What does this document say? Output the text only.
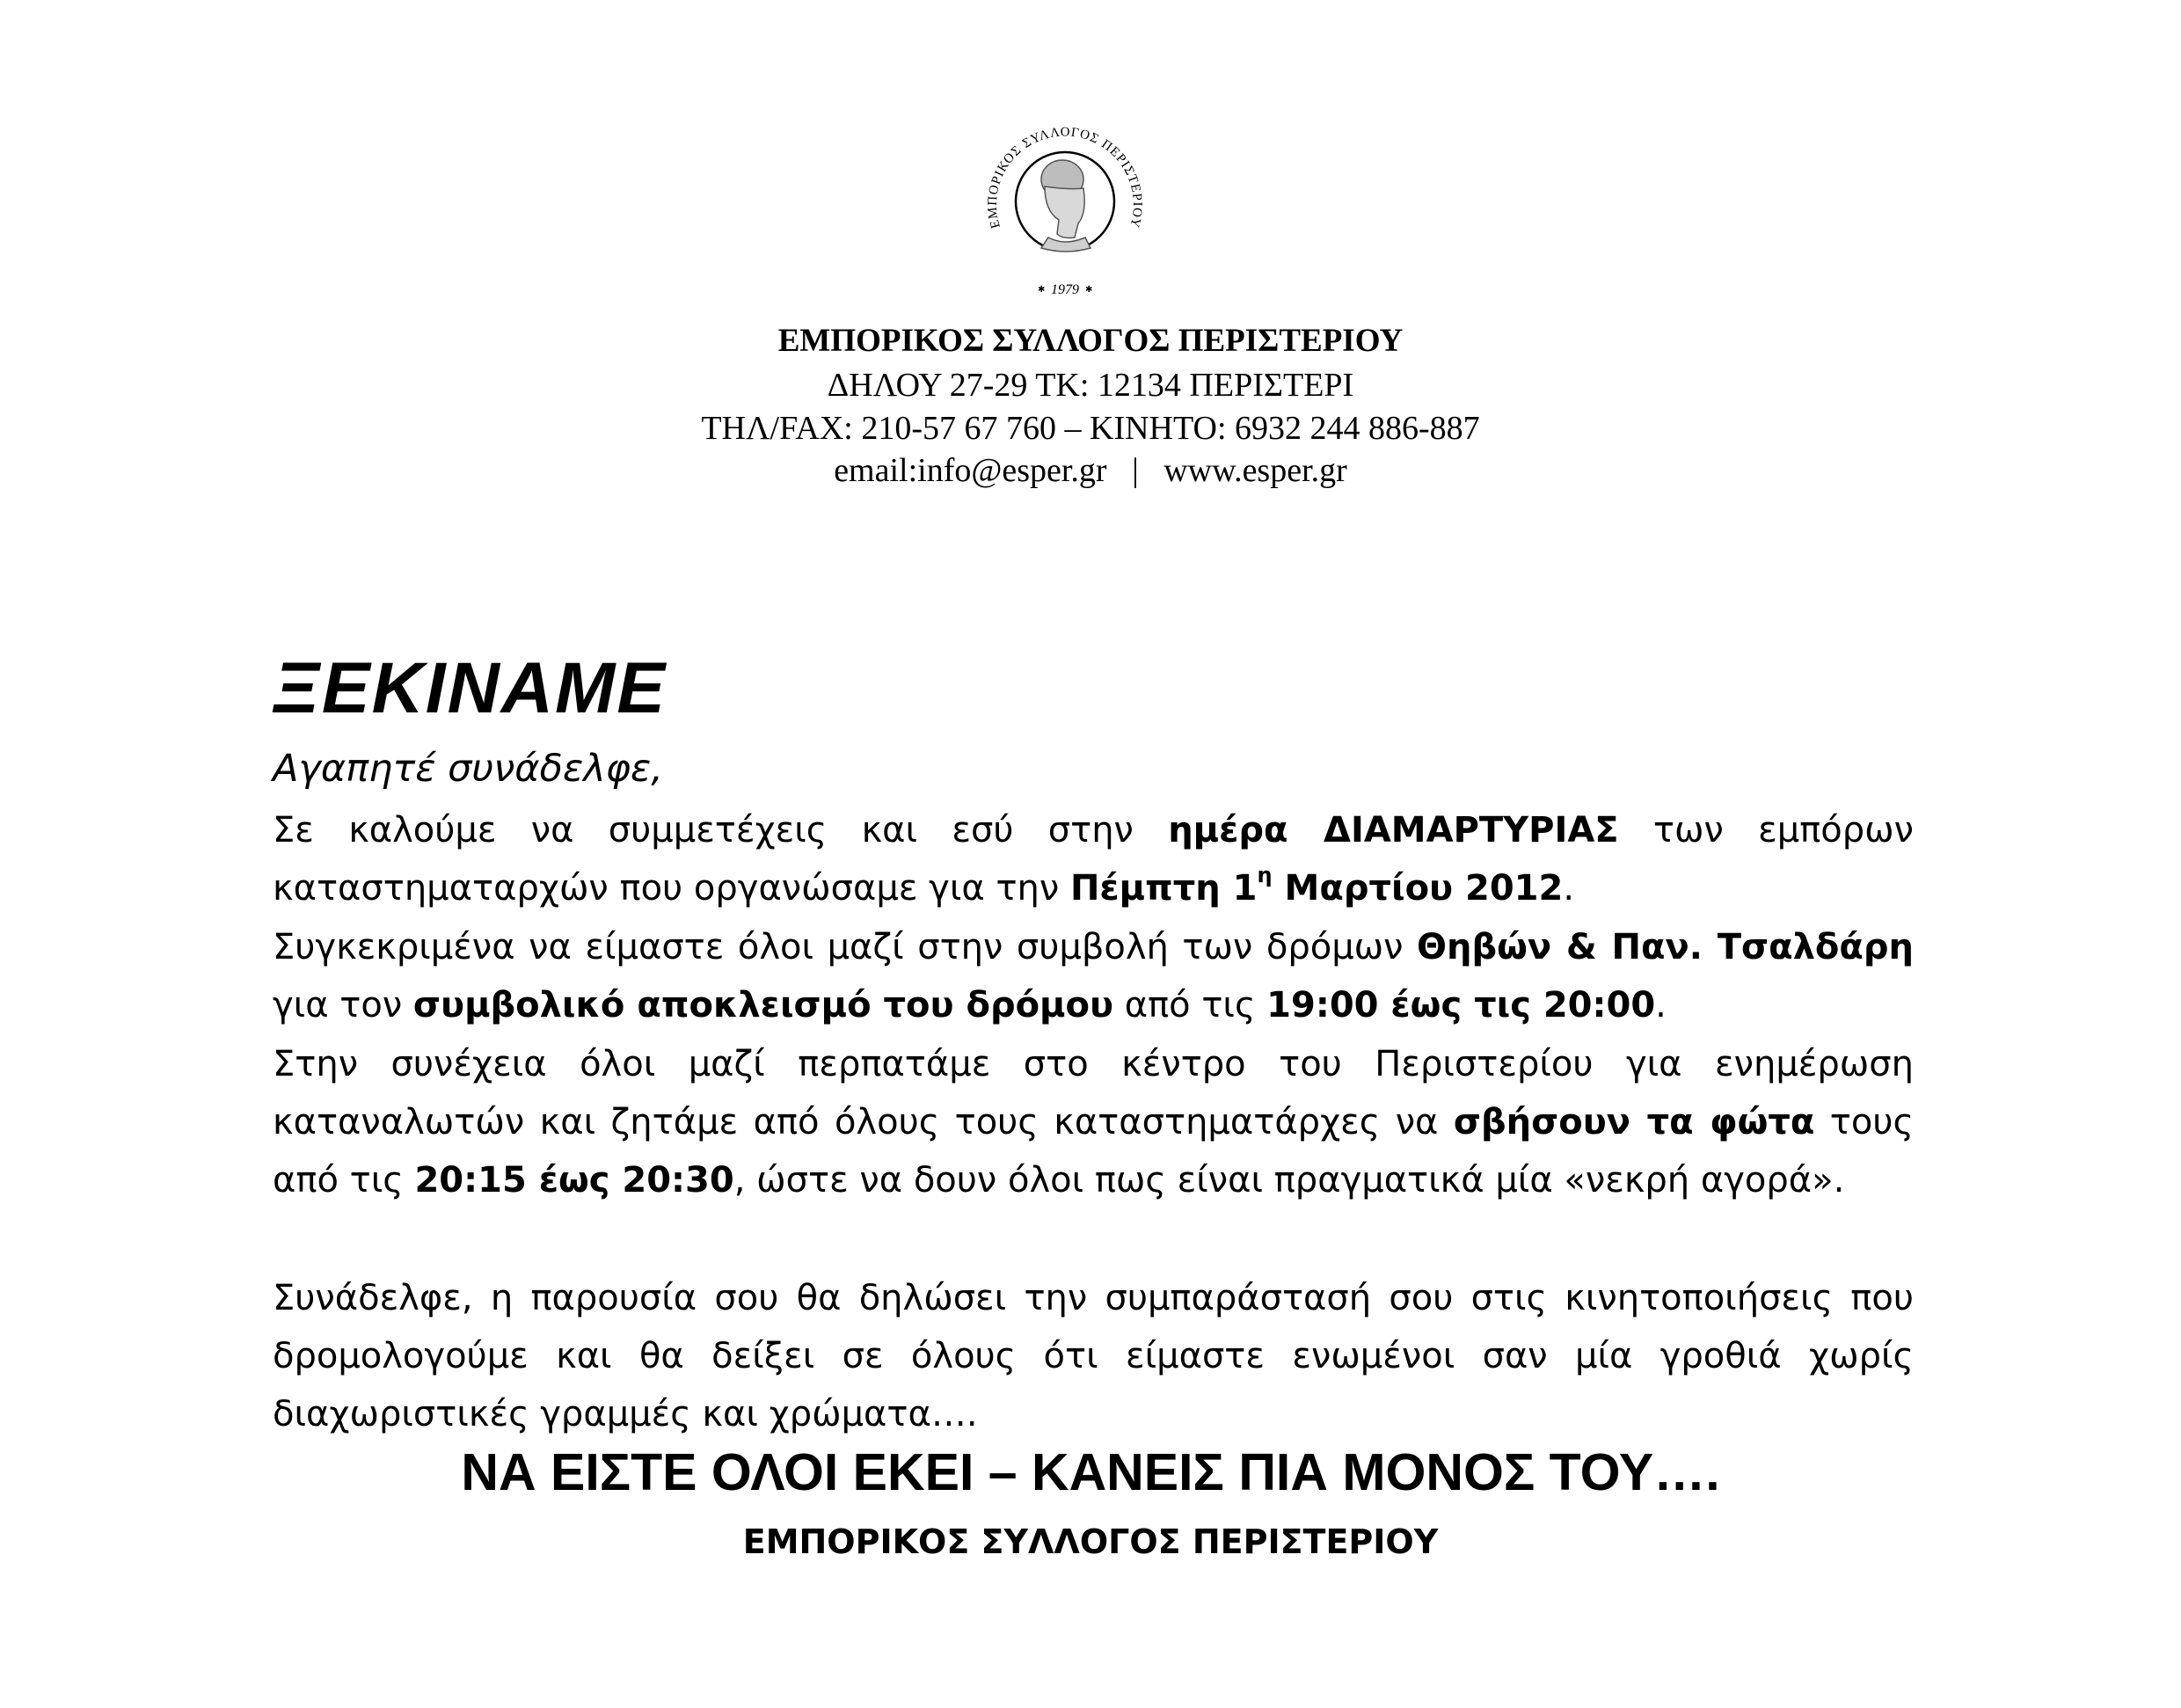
ΕΜΠΟΡΙΚΟΣ ΣΥΛΛΟΓΟΣ ΠΕΡΙΣΤΕΡΙΟΥ
✱	✱
1979
ΕΜΠΟΡΙΚΟΣ ΣΥΛΛΟΓΟΣ ΠΕΡΙΣΤΕΡΙΟΥ
ΔΗΛΟΥ 27-29 ΤΚ: 12134 ΠΕΡΙΣΤΕΡΙ
ΤΗΛ/FAX: 210-57 67 760 – ΚΙΝΗΤΟ: 6932 244 886-887
email:info@esper.gr | www.esper.gr
ΞΕΚΙΝΑΜΕ
Αγαπητέ συνάδελφε,
Σε καλούμε να συμμετέχεις και εσύ στην ημέρα ΔΙΑΜΑΡΤΥΡΙΑΣ των εμπόρων καταστηματαρχών που οργανώσαμε για την Πέμπτη $1^\eta$ Μαρτίου 2012.
Συγκεκριμένα να είμαστε όλοι μαζί στην συμβολή των δρόμων Θηβών & Παν. Τσαλδάρη για τον συμβολικό αποκλεισμό του δρόμου από τις 19:00 έως τις 20:00.
Στην συνέχεια όλοι μαζί περπατάμε στο κέντρο του Περιστερίου για ενημέρωση καταναλωτών και ζητάμε από όλους τους καταστηματάρχες να σβήσουν τα φώτα τους από τις 20:15 έως 20:30, ώστε να δουν όλοι πως είναι πραγματικά μία «νεκρή αγορά».
Συνάδελφε, η παρουσία σου θα δηλώσει την συμπαράστασή σου στις κινητοποιήσεις που δρομολογούμε και θα δείξει σε όλους ότι είμαστε ενωμένοι σαν μία γροθιά χωρίς διαχωριστικές γραμμές και χρώματα….
ΝΑ ΕΙΣΤΕ ΟΛΟΙ ΕΚΕΙ – ΚΑΝΕΙΣ ΠΙΑ ΜΟΝΟΣ ΤΟΥ….
ΕΜΠΟΡΙΚΟΣ ΣΥΛΛΟΓΟΣ ΠΕΡΙΣΤΕΡΙΟΥ
